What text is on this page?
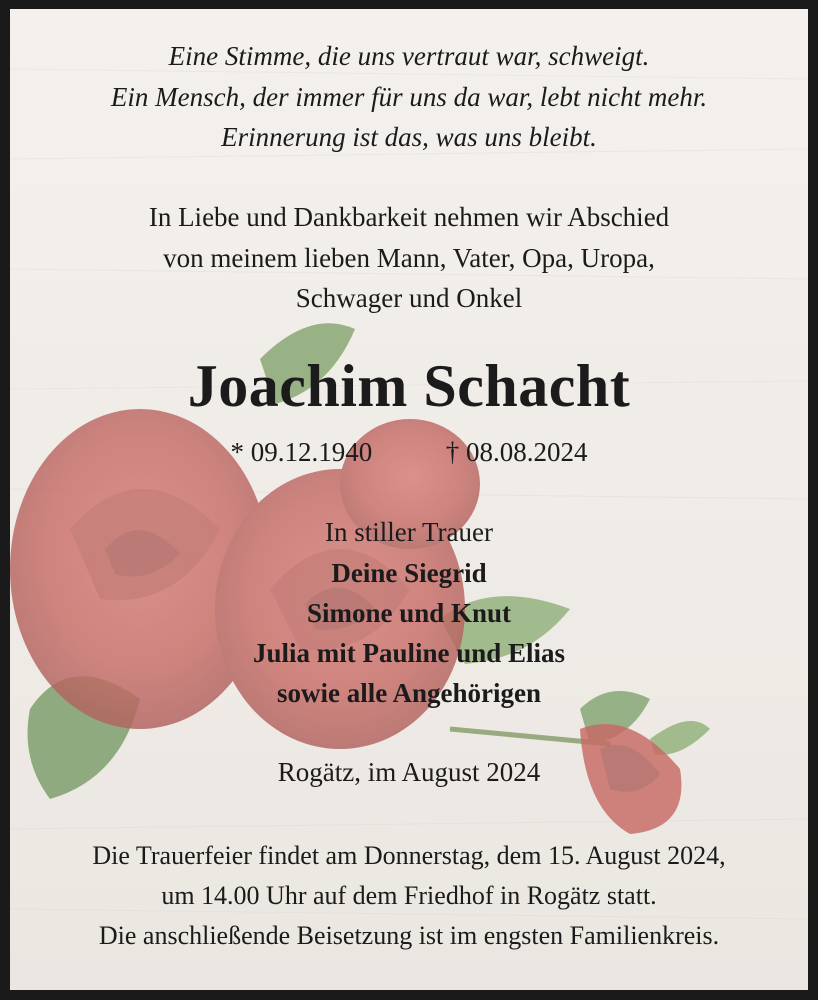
Eine Stimme, die uns vertraut war, schweigt.
Ein Mensch, der immer für uns da war, lebt nicht mehr.
Erinnerung ist das, was uns bleibt.
In Liebe und Dankbarkeit nehmen wir Abschied
von meinem lieben Mann, Vater, Opa, Uropa,
Schwager und Onkel
Joachim Schacht
* 09.12.1940	† 08.08.2024
In stiller Trauer
Deine Siegrid
Simone und Knut
Julia mit Pauline und Elias
sowie alle Angehörigen
Rogätz, im August 2024
Die Trauerfeier findet am Donnerstag, dem 15. August 2024,
um 14.00 Uhr auf dem Friedhof in Rogätz statt.
Die anschließende Beisetzung ist im engsten Familienkreis.
